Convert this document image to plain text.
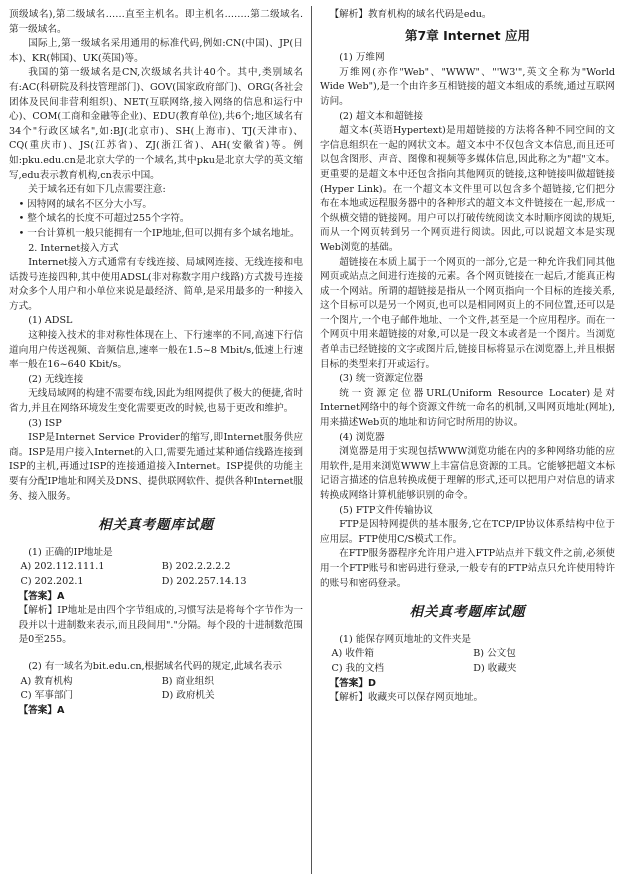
顶级域名),第二级域名……直至主机名。即主机名.…….第二级域名.第一级域名。

国际上,第一级域名采用通用的标准代码,例如:CN(中国)、JP(日本)、KR(韩国)、UK(英国)等。

我国的第一级域名是CN,次级域名共计40个。其中,类别域名有:AC(科研院及科技管理部门)、GOV(国家政府部门)、ORG(各社会团体及民间非营利组织)、NET(互联网络,接入网络的信息和运行中心)、COM(工商和金融等企业)、EDU(教育单位),共6个;地区域名有34个"行政区域名",如:BJ(北京市)、SH(上海市)、TJ(天津市)、CQ(重庆市)、JS(江苏省)、ZJ(浙江省)、AH(安徽省)等。例如:pku.edu.cn是北京大学的一个域名,其中pku是北京大学的英文缩写,edu表示教育机构,cn表示中国。

关于域名还有如下几点需要注意:

• 因特网的域名不区分大小写。

• 整个域名的长度不可超过255个字符。

• 一台计算机一般只能拥有一个IP地址,但可以拥有多个域名地址。

2. Internet接入方式

Internet接入方式通常有专线连接、局域网连接、无线连接和电话拨号连接四种,其中使用ADSL(非对称数字用户线路)方式拨号连接对众多个人用户和小单位来说是最经济、简单,是采用最多的一种接入方式。

(1) ADSL

这种接入技术的非对称性体现在上、下行速率的不同,高速下行信道向用户传送视频、音频信息,速率一般在1.5~8 Mbit/s,低速上行速率一般在16~640 Kbit/s。

(2) 无线连接

无线局域网的构建不需要布线,因此为组网提供了极大的便捷,省时省力,并且在网络环境发生变化需要更改的时候,也易于更改和维护。

(3) ISP

ISP是Internet Service Provider的缩写,即Internet服务供应商。ISP是用户接入Internet的入口,需要先通过某种通信线路连接到ISP的主机,再通过ISP的连接通道接入Internet。ISP提供的功能主要有分配IP地址和网关及DNS、提供联网软件、提供各种Internet服务、接入服务。

相关真考题库试题

(1) 正确的IP地址是

A) 202.112.111.1	B) 202.2.2.2.2
C) 202.202.1	D) 202.257.14.13

【答案】A

【解析】IP地址是由四个字节组成的,习惯写法是将每个字节作为一段并以十进制数来表示,而且段间用"."分隔。每个段的十进制数范围是0至255。

(2) 有一域名为bit.edu.cn,根据域名代码的规定,此域名表示

A) 教育机构	B) 商业组织
C) 军事部门	D) 政府机关

【答案】A

【解析】教育机构的域名代码是edu。

第7章 Internet 应用

(1) 万维网

万维网(亦作"Web"、"WWW"、"'W3'",英文全称为"World Wide Web"),是一个由许多互相链接的超文本组成的系统,通过互联网访问。

(2) 超文本和超链接

超文本(英语Hypertext)是用超链接的方法将各种不同空间的文字信息组织在一起的网状文本。超文本中不仅包含文本信息,而且还可以包含图形、声音、图像和视频等多媒体信息,因此称之为"超"文本。更重要的是超文本中还包含指向其他网页的链接,这种链接叫做超链接(Hyper Link)。在一个超文本文件里可以包含多个超链接,它们把分布在本地或远程服务器中的各种形式的超文本文件链接在一起,形成一个纵横交错的链接网。用户可以打破传统阅读文本时顺序阅读的规矩,而从一个网页转到另一个网页进行阅读。因此,可以说超文本是实现Web浏览的基础。

超链接在本质上属于一个网页的一部分,它是一种允许我们同其他网页或站点之间进行连接的元素。各个网页链接在一起后,才能真正构成一个网站。所谓的超链接是指从一个网页指向一个目标的连接关系,这个目标可以是另一个网页,也可以是相同网页上的不同位置,还可以是一个图片,一个电子邮件地址、一个文件,甚至是一个应用程序。而在一个网页中用来超链接的对象,可以是一段文本或者是一个图片。当浏览者单击已经链接的文字或图片后,链接目标将显示在浏览器上,并且根据目标的类型来打开或运行。

(3) 统一资源定位器

统一资源定位器URL(Uniform Resource Locater)是对Internet网络中的每个资源文件统一命名的机制,又叫网页地址(网址),用来描述Web页的地址和访问它时所用的协议。

(4) 浏览器

浏览器是用于实现包括WWW浏览功能在内的多种网络功能的应用软件,是用来浏览WWW上丰富信息资源的工具。它能够把超文本标记语言描述的信息转换成便于理解的形式,还可以把用户对信息的请求转换成网络计算机能够识别的命令。

(5) FTP文件传输协议

FTP是因特网提供的基本服务,它在TCP/IP协议体系结构中位于应用层。FTP使用C/S模式工作。

在FTP服务器程序允许用户进入FTP站点并下载文件之前,必须使用一个FTP账号和密码进行登录,一般专有的FTP站点只允许使用特许的账号和密码登录。

相关真考题库试题

(1) 能保存网页地址的文件夹是

A) 收件箱	B) 公文包
C) 我的文档	D) 收藏夹

【答案】D

【解析】收藏夹可以保存网页地址。
